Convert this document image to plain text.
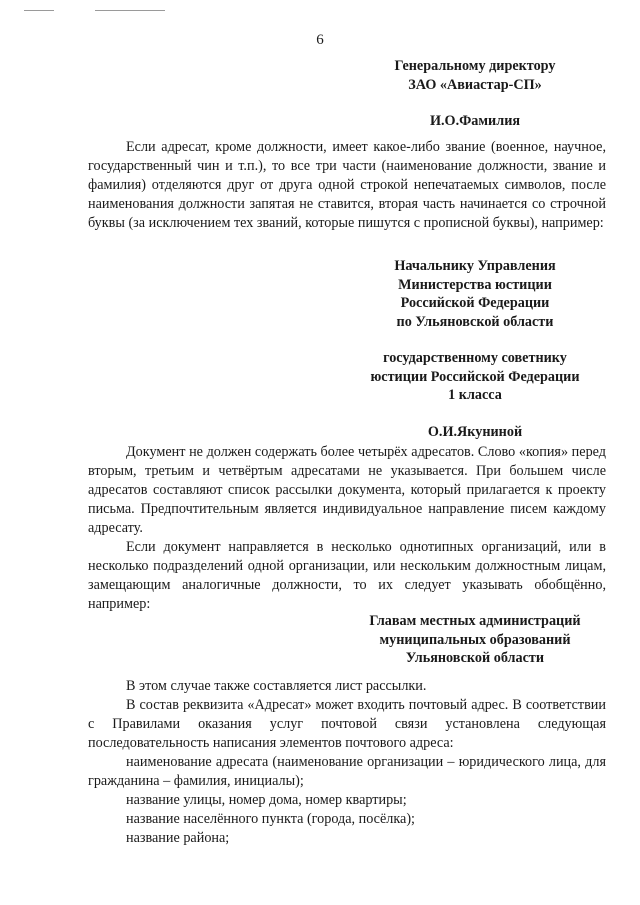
6
Генеральному директору
ЗАО «Авиастар-СП»
И.О.Фамилия

Если адресат, кроме должности, имеет какое-либо звание (военное, научное, государственный чин и т.п.), то все три части (наименование должности, звание и фамилия) отделяются друг от друга одной строкой непечатаемых символов, после наименования должности запятая не ставится, вторая часть начинается со строчной буквы (за исключением тех званий, которые пишутся с прописной буквы), например:

Начальнику Управления
Министерства юстиции
Российской Федерации
по Ульяновской области
государственному советнику
юстиции Российской Федерации
1 класса
О.И.Якуниной

Документ не должен содержать более четырёх адресатов. Слово «копия» перед вторым, третьим и четвёртым адресатами не указывается. При большем числе адресатов составляют список рассылки документа, который прилагается к проекту письма. Предпочтительным является индивидуальное направление писем каждому адресату.

Если документ направляется в несколько однотипных организаций, или в несколько подразделений одной организации, или нескольким должностным лицам, замещающим аналогичные должности, то их следует указывать обобщённо, например:

Главам местных администраций
муниципальных образований
Ульяновской области

В этом случае также составляется лист рассылки.

В состав реквизита «Адресат» может входить почтовый адрес. В соответствии с Правилами оказания услуг почтовой связи установлена следующая последовательность написания элементов почтового адреса:

наименование адресата (наименование организации – юридического лица, для гражданина – фамилия, инициалы);

название улицы, номер дома, номер квартиры;

название населённого пункта (города, посёлка);

название района;
